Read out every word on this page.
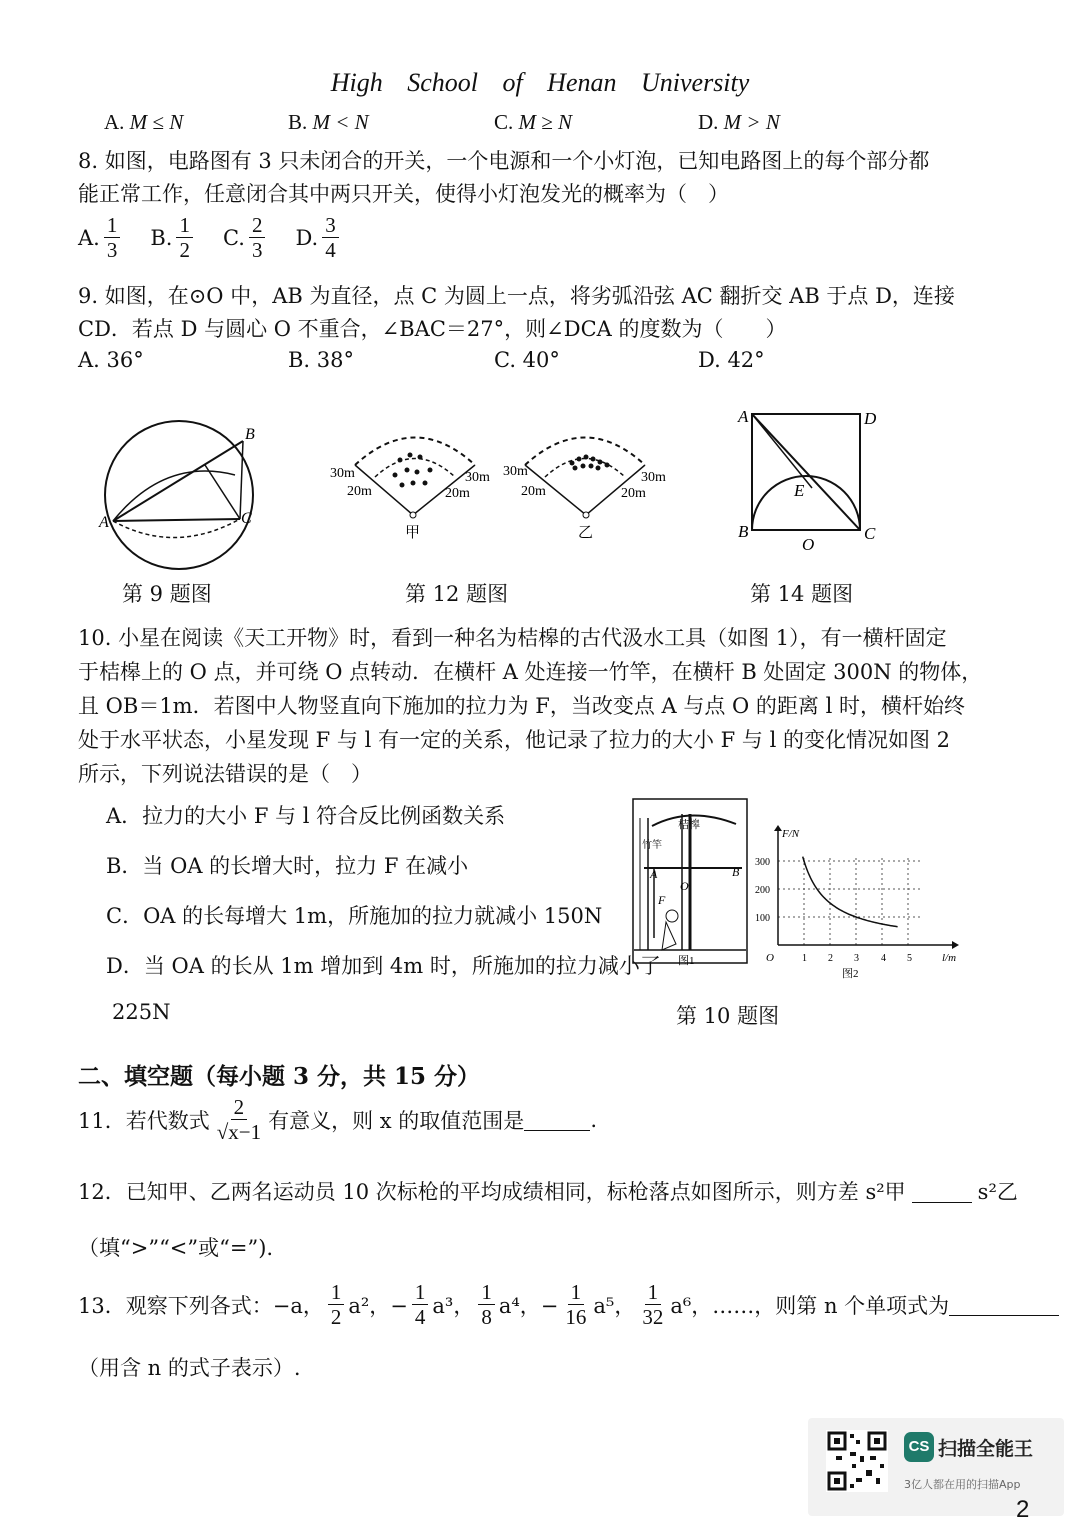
High School of Henan University
A. M ≤ N	B. M < N	C. M ≥ N	D. M > N
8. 如图，电路图有 3 只未闭合的开关，一个电源和一个小灯泡，已知电路图上的每个部分都
能正常工作，任意闭合其中两只开关，使得小灯泡发光的概率为（　）
A. $\frac{1}{3} B$. $\frac{1}{2} C$. $\frac{2}{3} D$. $\frac{3}{4}$
9. 如图，在⊙O 中，AB 为直径，点 C 为圆上一点，将劣弧沿弦 AC 翻折交 AB 于点 D，连接
CD．若点 D 与圆心 O 不重合，∠BAC＝27°，则∠DCA 的度数为（　　）
A. 36°	B. 38°	C. 40°	D. 42°
A
B
C
第 9 题图
30m
20m
30m
20m
甲
30m
20m
30m
20m
乙
第 12 题图
A	D
B	C
E
O
第 14 题图
10. 小星在阅读《天工开物》时，看到一种名为桔槔的古代汲水工具（如图 1），有一横杆固定
于桔槔上的 O 点，并可绕 O 点转动．在横杆 A 处连接一竹竿，在横杆 B 处固定 300N 的物体，
且 OB＝1m．若图中人物竖直向下施加的拉力为 F，当改变点 A 与点 O 的距离 l 时，横杆始终
处于水平状态，小星发现 F 与 l 有一定的关系，他记录了拉力的大小 F 与 l 的变化情况如图 2
所示，下列说法错误的是（　）
A．拉力的大小 F 与 l 符合反比例函数关系
B．当 OA 的长增大时，拉力 F 在减小
C．OA 的长每增大 1m，所施加的拉力就减小 150N
D．当 OA 的长从 1m 增加到 4m 时，所施加的拉力减小了
225N
桔槔
竹竿
A
O
B
F
图1
F/N
l/m
300
200
100
O	1 2 3 4 5
图2
第 10 题图
二、填空题（每小题 3 分，共 15 分）
11．若代数式 $\frac{2}{√x-1}$ 有意义，则 x 的取值范围是	.
12．已知甲、乙两名运动员 10 次标枪的平均成绩相同，标枪落点如图所示，则方差 s²甲	s²乙
（填“>”“<”或“=”).
13．观察下列各式：−a， $\frac{1}{2} a^2$，− $\frac{1}{4} a^3$， $\frac{1}{8} a^4$，− $\frac{1}{16} a^5$， $\frac{1}{32} a^6$，……，则第 n 个单项式为
（用含 n 的式子表示）.
CS 扫描全能王
3亿人都在用的扫描App
2
